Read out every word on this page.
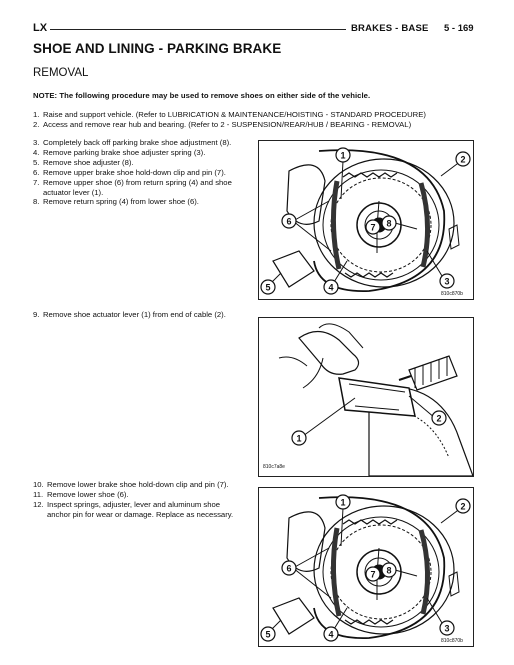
LX	BRAKES - BASE 5 - 169
SHOE AND LINING - PARKING BRAKE
REMOVAL
NOTE: The following procedure may be used to remove shoes on either side of the vehicle.
1. Raise and support vehicle. (Refer to LUBRICATION & MAINTENANCE/HOISTING - STANDARD PROCEDURE)
2. Access and remove rear hub and bearing. (Refer to 2 - SUSPENSION/REAR/HUB / BEARING - REMOVAL)
3. Completely back off parking brake shoe adjustment (8).
4. Remove parking brake shoe adjuster spring (3).
5. Remove shoe adjuster (8).
6. Remove upper brake shoe hold-down clip and pin (7).
7. Remove upper shoe (6) from return spring (4) and shoe actuator lever (1).
8. Remove return spring (4) from lower shoe (6).
9. Remove shoe actuator lever (1) from end of cable (2).
10. Remove lower brake shoe hold-down clip and pin (7).
11. Remove lower shoe (6).
12. Inspect springs, adjuster, lever and aluminum shoe anchor pin for wear or damage. Replace as necessary.
1	2
3
4
5
6
7 8
810c870b
1
2
810c7a8e
1	2
3
4
5
6
7 8
810c870b
